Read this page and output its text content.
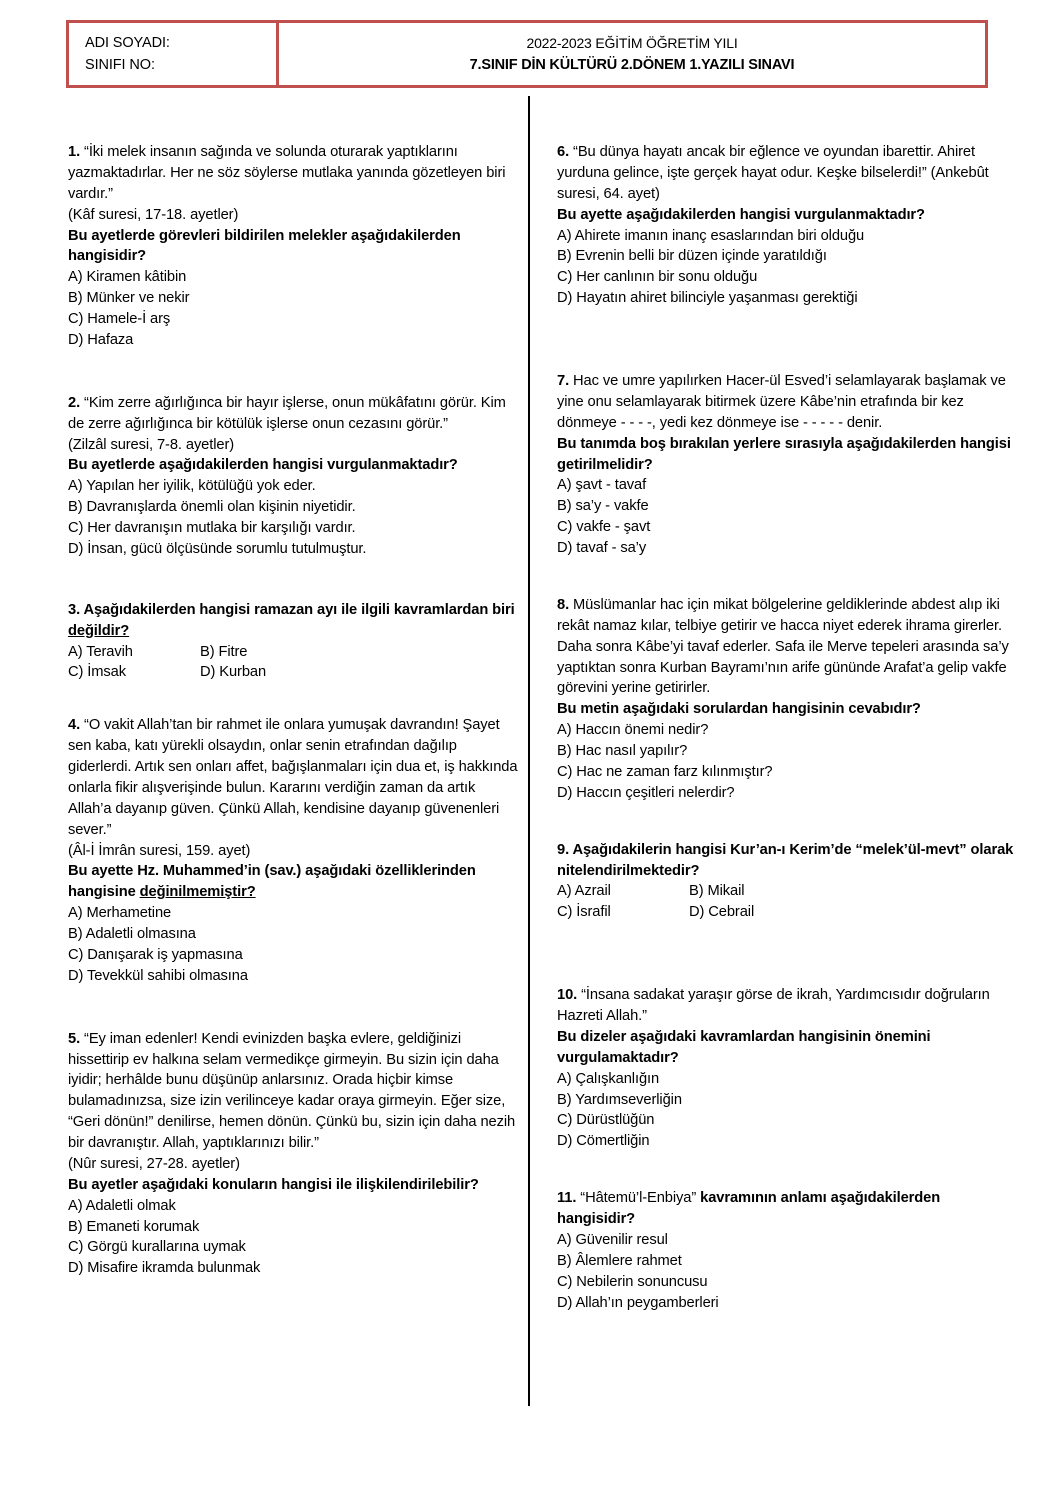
ADI SOYADI:
SINIFI NO:
2022-2023 EĞİTİM ÖĞRETİM YILI
7.SINIF DİN KÜLTÜRÜ 2.DÖNEM 1.YAZILI SINAVI
1. “İki melek insanın sağında ve solunda oturarak yaptıklarını yazmaktadırlar. Her ne söz söylerse mutlaka yanında gözetleyen biri vardır.”
(Kâf suresi, 17-18. ayetler)
Bu ayetlerde görevleri bildirilen melekler aşağıdakilerden hangisidir?
A) Kiramen kâtibin
B) Münker ve nekir
C) Hamele-İ arş
D) Hafaza
2. “Kim zerre ağırlığınca bir hayır işlerse, onun mükâfatını görür. Kim de zerre ağırlığınca bir kötülük işlerse onun cezasını görür.”
(Zilzâl suresi, 7-8. ayetler)
Bu ayetlerde aşağıdakilerden hangisi vurgulanmaktadır?
A) Yapılan her iyilik, kötülüğü yok eder.
B) Davranışlarda önemli olan kişinin niyetidir.
C) Her davranışın mutlaka bir karşılığı vardır.
D) İnsan, gücü ölçüsünde sorumlu tutulmuştur.
3. Aşağıdakilerden hangisi ramazan ayı ile ilgili kavramlardan biri değildir?
A) Teravih	B) Fitre
C) İmsak	D) Kurban
4. “O vakit Allah’tan bir rahmet ile onlara yumuşak davrandın! Şayet sen kaba, katı yürekli olsaydın, onlar senin etrafından dağılıp giderlerdi. Artık sen onları affet, bağışlanmaları için dua et, iş hakkında onlarla fikir alışverişinde bulun. Kararını verdiğin zaman da artık Allah’a dayanıp güven. Çünkü Allah, kendisine dayanıp güvenenleri sever.”
(Âl-İ İmrân suresi, 159. ayet)
Bu ayette Hz. Muhammed’in (sav.) aşağıdaki özelliklerinden hangisine değinilmemiştir?
A) Merhametine
B) Adaletli olmasına
C) Danışarak iş yapmasına
D) Tevekkül sahibi olmasına
5. “Ey iman edenler! Kendi evinizden başka evlere, geldiğinizi hissettirip ev halkına selam vermedikçe girmeyin. Bu sizin için daha iyidir; herhâlde bunu düşünüp anlarsınız. Orada hiçbir kimse bulamadınızsa, size izin verilinceye kadar oraya girmeyin. Eğer size, “Geri dönün!” denilirse, hemen dönün. Çünkü bu, sizin için daha nezih bir davranıştır. Allah, yaptıklarınızı bilir.”
(Nûr suresi, 27-28. ayetler)
Bu ayetler aşağıdaki konuların hangisi ile ilişkilendirilebilir?
A) Adaletli olmak
B) Emaneti korumak
C) Görgü kurallarına uymak
D) Misafire ikramda bulunmak
6. “Bu dünya hayatı ancak bir eğlence ve oyundan ibarettir. Ahiret yurduna gelince, işte gerçek hayat odur. Keşke bilselerdi!” (Ankebût suresi, 64. ayet)
Bu ayette aşağıdakilerden hangisi vurgulanmaktadır?
A) Ahirete imanın inanç esaslarından biri olduğu
B) Evrenin belli bir düzen içinde yaratıldığı
C) Her canlının bir sonu olduğu
D) Hayatın ahiret bilinciyle yaşanması gerektiği
7. Hac ve umre yapılırken Hacer-ül Esved’i selamlayarak başlamak ve yine onu selamlayarak bitirmek üzere Kâbe’nin etrafında bir kez dönmeye - - - -, yedi kez dönmeye ise - - - - - denir.
Bu tanımda boş bırakılan yerlere sırasıyla aşağıdakilerden hangisi getirilmelidir?
A) şavt - tavaf
B) sa’y - vakfe
C) vakfe - şavt
D) tavaf - sa’y
8. Müslümanlar hac için mikat bölgelerine geldiklerinde abdest alıp iki rekât namaz kılar, telbiye getirir ve hacca niyet ederek ihrama girerler. Daha sonra Kâbe’yi tavaf ederler. Safa ile Merve tepeleri arasında sa’y yaptıktan sonra Kurban Bayramı’nın arife gününde Arafat’a gelip vakfe görevini yerine getirirler.
Bu metin aşağıdaki sorulardan hangisinin cevabıdır?
A) Haccın önemi nedir?
B) Hac nasıl yapılır?
C) Hac ne zaman farz kılınmıştır?
D) Haccın çeşitleri nelerdir?
9. Aşağıdakilerin hangisi Kur’an-ı Kerim’de “melek’ül-mevt” olarak nitelendirilmektedir?
A) Azrail	B) Mikail
C) İsrafil	D) Cebrail
10. “İnsana sadakat yaraşır görse de ikrah, Yardımcısıdır doğruların Hazreti Allah.”
Bu dizeler aşağıdaki kavramlardan hangisinin önemini vurgulamaktadır?
A) Çalışkanlığın
B) Yardımseverliğin
C) Dürüstlüğün
D) Cömertliğin
11. “Hâtemü’l-Enbiya” kavramının anlamı aşağıdakilerden hangisidir?
A) Güvenilir resul
B) Âlemlere rahmet
C) Nebilerin sonuncusu
D) Allah’ın peygamberleri
